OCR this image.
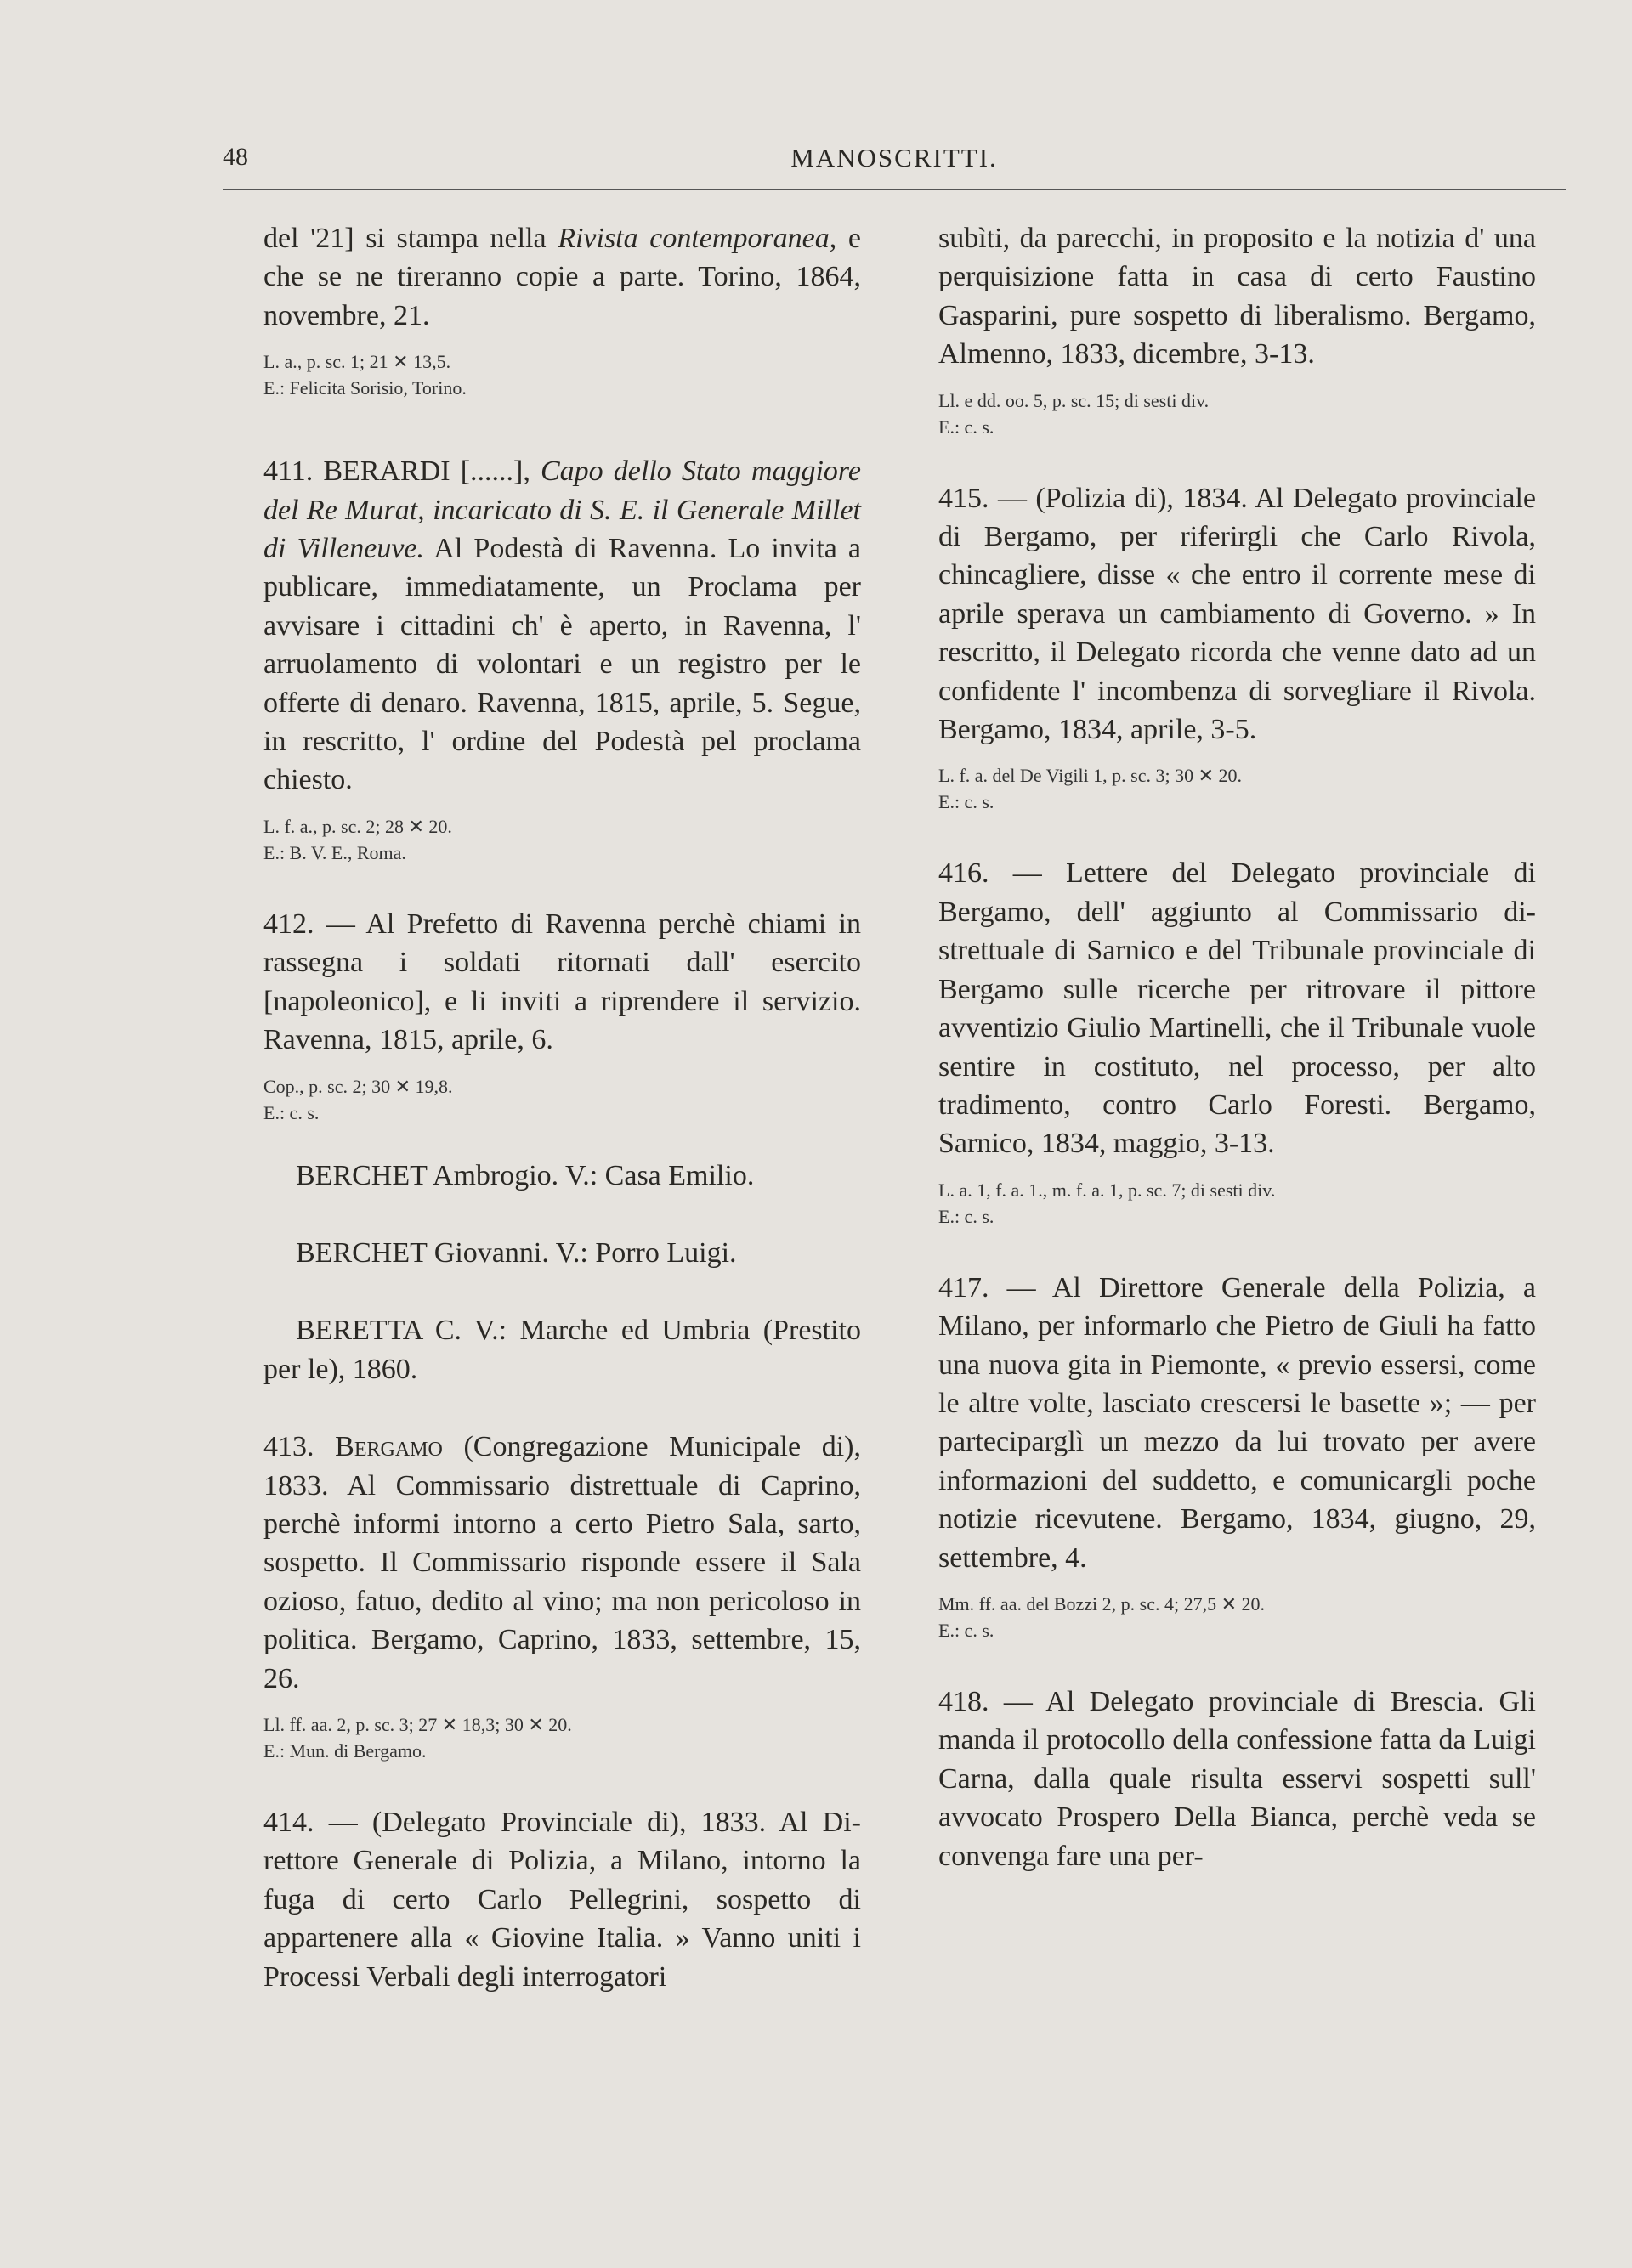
48	MANOSCRITTI.

del '21] si stampa nella Rivista contemporanea, e che se ne tireranno copie a parte. Torino, 1864, novembre, 21.

L. a., p. sc. 1; 21 ✕ 13,5.

E.: Felicita Sorisio, Torino.

411. BERARDI [......], Capo dello Stato maggiore del Re Murat, incaricato di S. E. il Generale Millet di Villeneuve. Al Podestà di Ravenna. Lo invita a publicare, immediatamente, un Proclama per avvisare i cittadini ch' è aperto, in Ravenna, l' arruolamento di volontari e un registro per le offerte di denaro. Ravenna, 1815, aprile, 5. Segue, in rescritto, l' ordine del Podestà pel proclama chiesto.

L. f. a., p. sc. 2; 28 ✕ 20.

E.: B. V. E., Roma.

412. — Al Prefetto di Ravenna perchè chiami in rassegna i soldati ritornati dall' esercito [napoleonico], e li inviti a riprendere il servizio. Ravenna, 1815, aprile, 6.

Cop., p. sc. 2; 30 ✕ 19,8.

E.: c. s.

BERCHET Ambrogio. V.: Casa Emilio.

BERCHET Giovanni. V.: Porro Luigi.

BERETTA C. V.: Marche ed Umbria (Prestito per le), 1860.

413. Bergamo (Congregazione Municipale di), 1833. Al Commissario distrettuale di Caprino, perchè informi intorno a certo Pietro Sala, sarto, sospetto. Il Commissario risponde essere il Sala ozioso, fatuo, dedito al vino; ma non pericoloso in politica. Bergamo, Caprino, 1833, settembre, 15, 26.

Ll. ff. aa. 2, p. sc. 3; 27 ✕ 18,3; 30 ✕ 20.

E.: Mun. di Bergamo.

414. — (Delegato Provinciale di), 1833. Al Direttore Generale di Polizia, a Milano, intorno la fuga di certo Carlo Pellegrini, sospetto di appartenere alla « Giovine Italia. » Vanno uniti i Processi Verbali degli interrogatori

subìti, da parecchi, in proposito e la notizia d' una perquisizione fatta in casa di certo Faustino Gasparini, pure sospetto di liberalismo. Bergamo, Almenno, 1833, dicembre, 3-13.

Ll. e dd. oo. 5, p. sc. 15; di sesti div.

E.: c. s.

415. — (Polizia di), 1834. Al Delegato provinciale di Bergamo, per riferirgli che Carlo Rivola, chincagliere, disse « che entro il corrente mese di aprile sperava un cambiamento di Governo. » In rescritto, il Delegato ricorda che venne dato ad un confidente l' incombenza di sorvegliare il Rivola. Bergamo, 1834, aprile, 3-5.

L. f. a. del De Vigili 1, p. sc. 3; 30 ✕ 20.

E.: c. s.

416. — Lettere del Delegato provinciale di Bergamo, dell' aggiunto al Commissario distrettuale di Sarnico e del Tribunale provinciale di Bergamo sulle ricerche per ritrovare il pittore avventizio Giulio Martinelli, che il Tribunale vuole sentire in costituto, nel processo, per alto tradimento, contro Carlo Foresti. Bergamo, Sarnico, 1834, maggio, 3-13.

L. a. 1, f. a. 1., m. f. a. 1, p. sc. 7; di sesti div.

E.: c. s.

417. — Al Direttore Generale della Polizia, a Milano, per informarlo che Pietro de Giuli ha fatto una nuova gita in Piemonte, « previo essersi, come le altre volte, lasciato crescersi le basette »; — per parteciparglì un mezzo da lui trovato per avere informazioni del suddetto, e comunicargli poche notizie ricevutene. Bergamo, 1834, giugno, 29, settembre, 4.

Mm. ff. aa. del Bozzi 2, p. sc. 4; 27,5 ✕ 20.

E.: c. s.

418. — Al Delegato provinciale di Brescia. Gli manda il protocollo della confessione fatta da Luigi Carna, dalla quale risulta esservi sospetti sull' avvocato Prospero Della Bianca, perchè veda se convenga fare una per-
